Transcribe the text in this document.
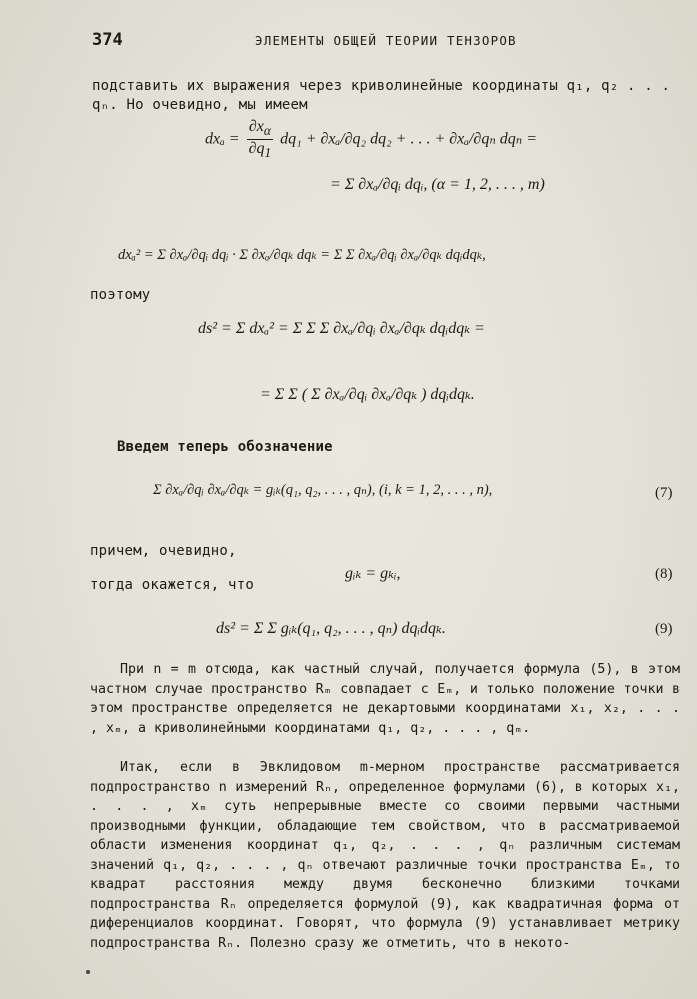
374	ЭЛЕМЕНТЫ ОБЩЕЙ ТЕОРИИ ТЕНЗОРОВ
подставить их выражения через криволинейные координаты q₁, q₂ . . .
qₙ. Но очевидно, мы имеем
$dx_a = \frac{\partial x_\alpha}{\partial q_1} dq_1 + \partial x_a/\partial q_2$ dq₂ + . . . + ∂xₐ/∂qₙ dqₙ =
= Σ ∂xₐ/∂qᵢ dqᵢ, (α = 1, 2, . . . , m)
dxₐ² = Σ ∂xₐ/∂qᵢ dqᵢ · Σ ∂xₐ/∂qₖ dqₖ = Σ Σ ∂xₐ/∂qᵢ ∂xₐ/∂qₖ dqᵢdqₖ,
поэтому
ds² = Σ dxₐ² = Σ Σ Σ ∂xₐ/∂qᵢ ∂xₐ/∂qₖ dqᵢdqₖ =
= Σ Σ ( Σ ∂xₐ/∂qᵢ ∂xₐ/∂qₖ ) dqᵢdqₖ.
Введем теперь обозначение
Σ ∂xₐ/∂qᵢ ∂xₐ/∂qₖ = gᵢₖ(q₁, q₂, . . . , qₙ), (i, k = 1, 2, . . . , n),	(7)
причем, очевидно,
gᵢₖ = gₖᵢ,	(8)
тогда окажется, что
ds² = Σ Σ gᵢₖ(q₁, q₂, . . . , qₙ) dqᵢdqₖ.	(9)
При n = m отсюда, как частный случай, получается формула (5), в этом частном случае пространство Rₘ совпадает с Eₘ, и только положение точки в этом пространстве определяется не декартовыми координатами x₁, x₂, . . . , xₘ, а криволинейными координатами q₁, q₂, . . . , qₘ.
Итак, если в Эвклидовом m-мерном пространстве рассматривается подпространство n измерений Rₙ, определенное формулами (6), в которых x₁, . . . , xₘ суть непрерывные вместе со своими первыми частными производными функции, обладающие тем свойством, что в рассматриваемой области изменения координат q₁, q₂, . . . , qₙ различным системам значений q₁, q₂, . . . , qₙ отвечают различные точки пространства Eₘ, то квадрат расстояния между двумя бесконечно близкими точками подпространства Rₙ определяется формулой (9), как квадратичная форма от диференциалов координат. Говорят, что формула (9) устанавливает метрику подпространства Rₙ. Полезно сразу же отметить, что в некото-
